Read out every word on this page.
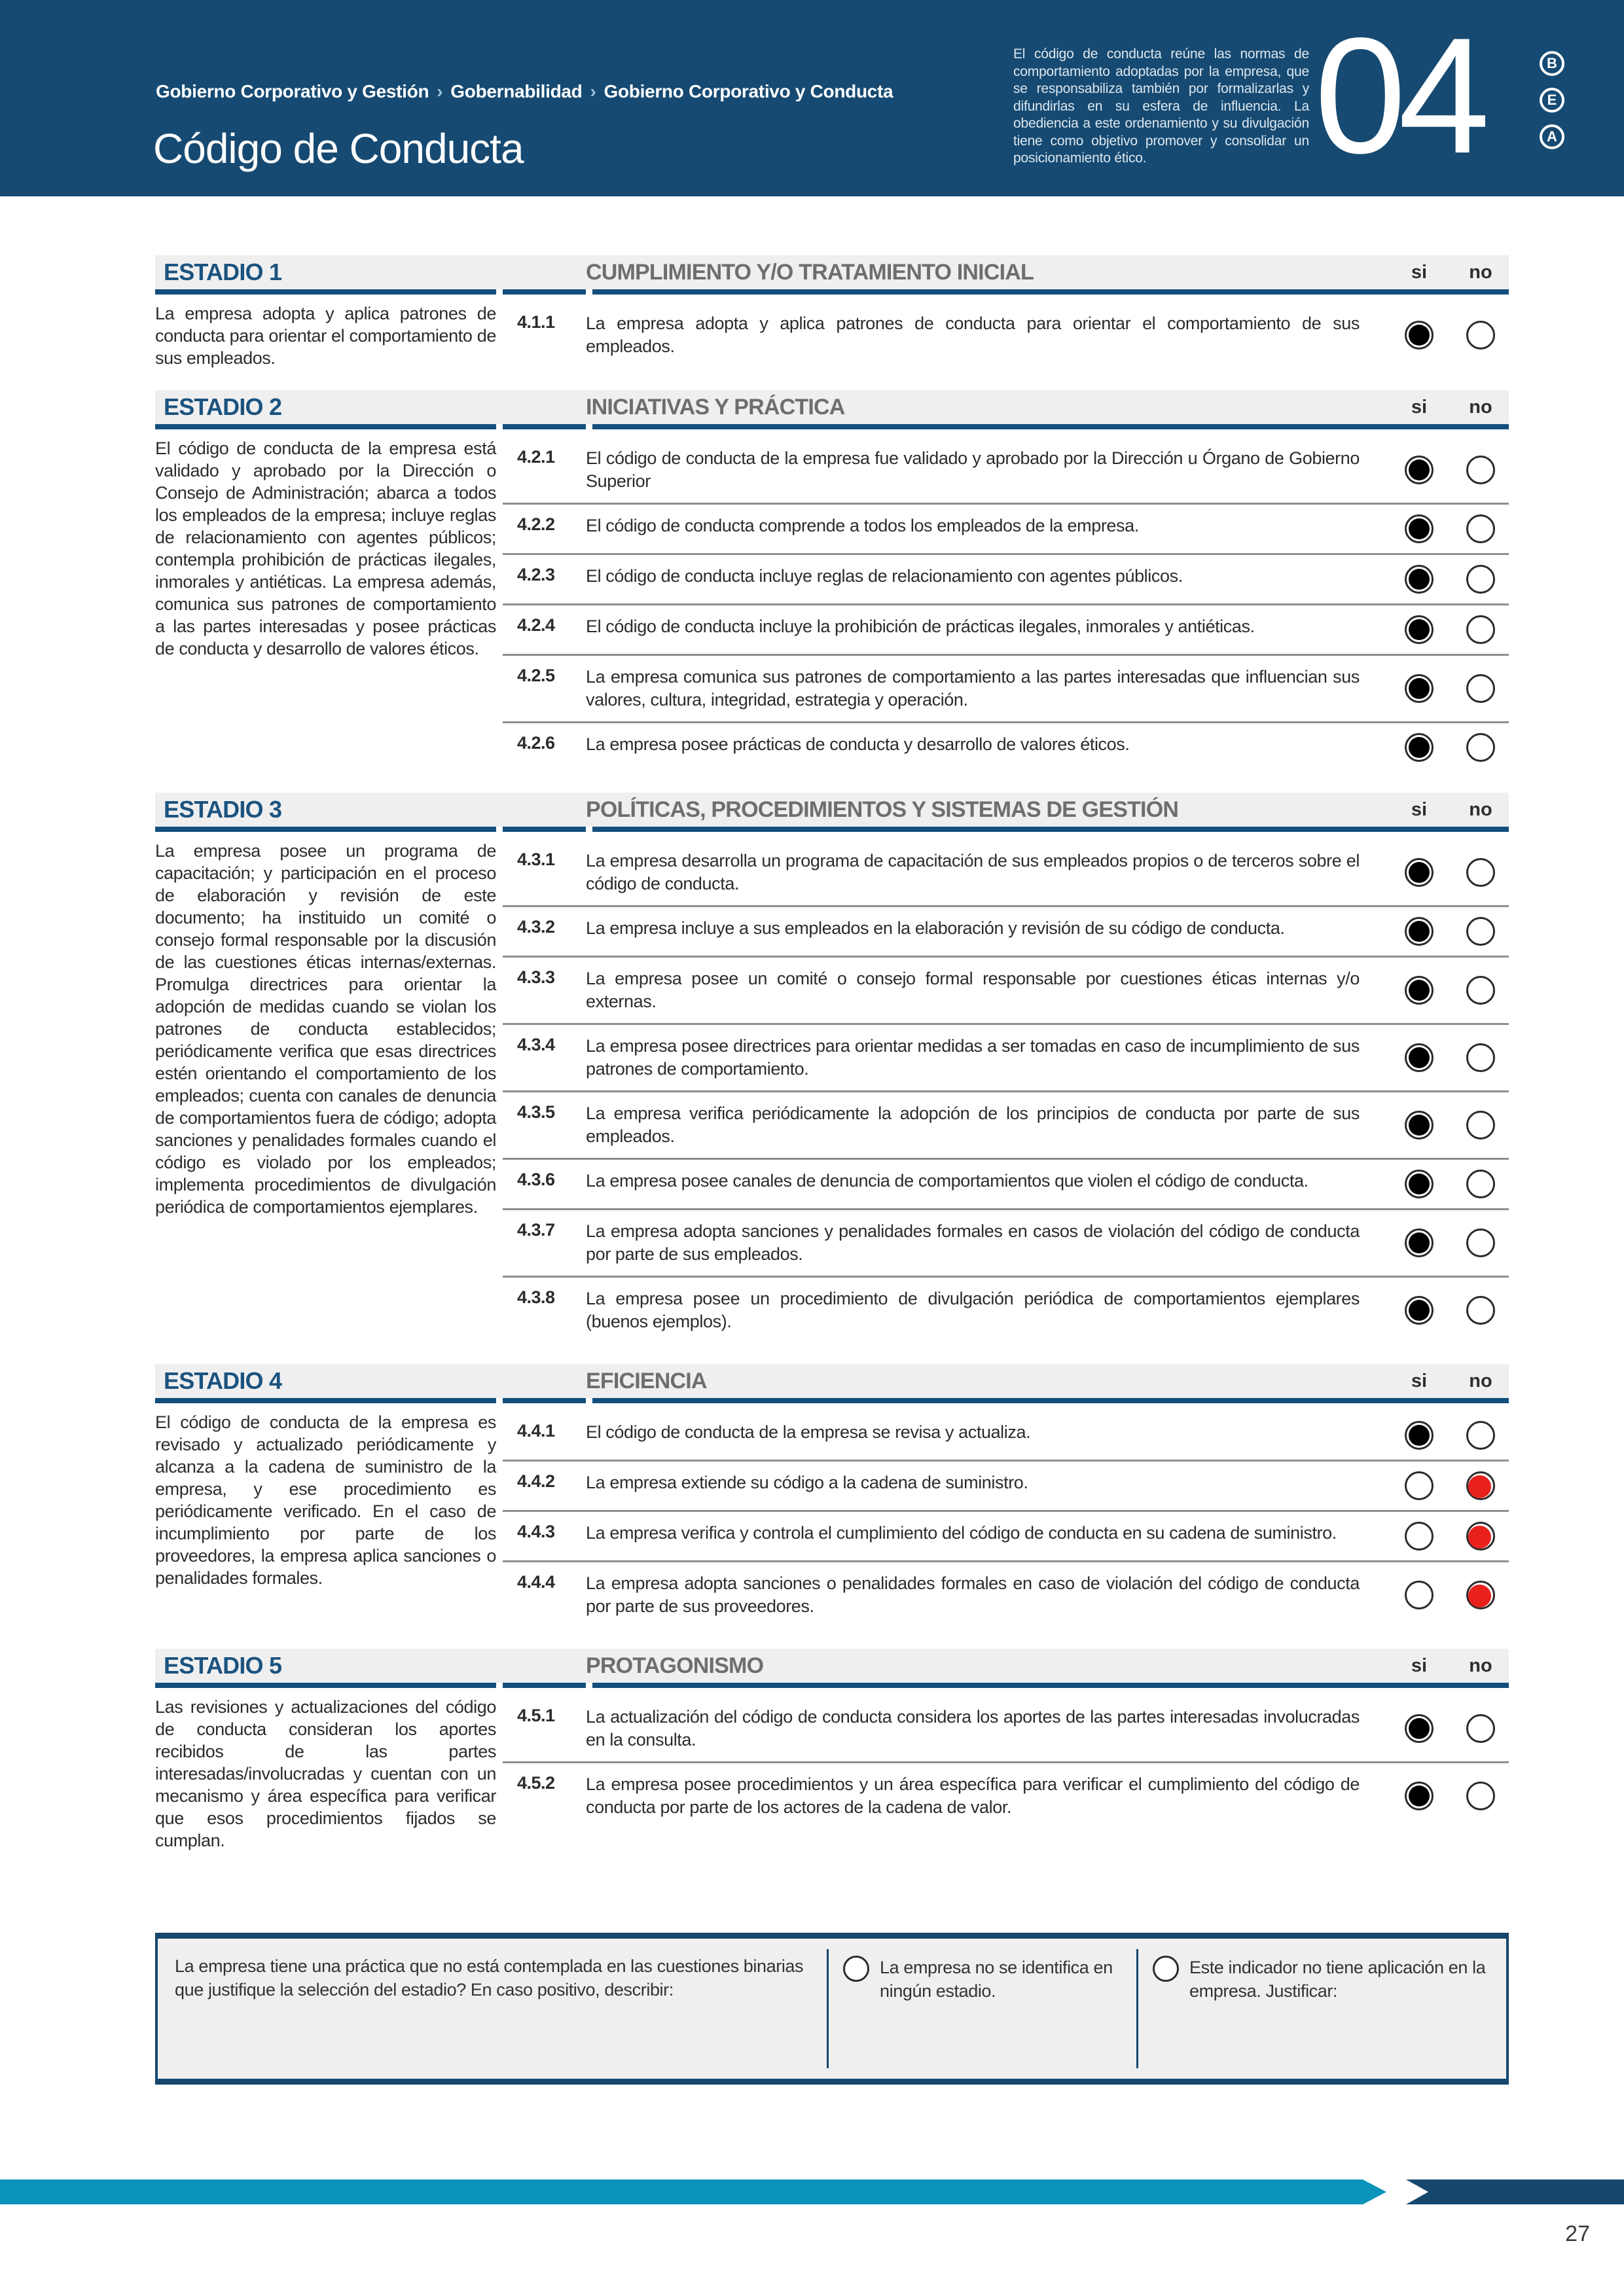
Gobierno Corporativo y Gestión › Gobernabilidad › Gobierno Corporativo y Conducta
Código de Conducta
El código de conducta reúne las normas de comportamiento adoptadas por la empresa, que se responsabiliza también por formalizarlas y difundirlas en su esfera de influencia. La obediencia a este ordenamiento y su divulgación tiene como objetivo promover y consolidar un posicionamiento ético.	04	B
E
A
ESTADIO 1	CUMPLIMIENTO Y/O TRATAMIENTO INICIAL	si	no
La empresa adopta y aplica patrones de conducta para orientar el comportamiento de sus empleados.
4.1.1	La empresa adopta y aplica patrones de conducta para orientar el comportamiento de sus empleados.
ESTADIO 2	INICIATIVAS Y PRÁCTICA	si	no
El código de conducta de la empresa está validado y aprobado por la Dirección o Consejo de Administración; abarca a todos los empleados de la empresa; incluye reglas de relacionamiento con agentes públicos; contempla prohibición de prácticas ilegales, inmorales y antiéticas. La empresa además, comunica sus patrones de comportamiento a las partes interesadas y posee prácticas de conducta y desarrollo de valores éticos.
4.2.1	El código de conducta de la empresa fue validado y aprobado por la Dirección u Órgano de Gobierno Superior
4.2.2	El código de conducta comprende a todos los empleados de la empresa.
4.2.3	El código de conducta incluye reglas de relacionamiento con agentes públicos.
4.2.4	El código de conducta incluye la prohibición de prácticas ilegales, inmorales y antiéticas.
4.2.5	La empresa comunica sus patrones de comportamiento a las partes interesadas que influencian sus valores, cultura, integridad, estrategia y operación.
4.2.6	La empresa posee prácticas de conducta y desarrollo de valores éticos.
ESTADIO 3	POLÍTICAS, PROCEDIMIENTOS Y SISTEMAS DE GESTIÓN	si	no
La empresa posee un programa de capacitación; y participación en el proceso de elaboración y revisión de este documento; ha instituido un comité o consejo formal responsable por la discusión de las cuestiones éticas internas/externas. Promulga directrices para orientar la adopción de medidas cuando se violan los patrones de conducta establecidos; periódicamente verifica que esas directrices estén orientando el comportamiento de los empleados; cuenta con canales de denuncia de comportamientos fuera de código; adopta sanciones y penalidades formales cuando el código es violado por los empleados; implementa procedimientos de divulgación periódica de comportamientos ejemplares.
4.3.1	La empresa desarrolla un programa de capacitación de sus empleados propios o de terceros sobre el código de conducta.
4.3.2	La empresa incluye a sus empleados en la elaboración y revisión de su código de conducta.
4.3.3	La empresa posee un comité o consejo formal responsable por cuestiones éticas internas y/o externas.
4.3.4	La empresa posee directrices para orientar medidas a ser tomadas en caso de incumplimiento de sus patrones de comportamiento.
4.3.5	La empresa verifica periódicamente la adopción de los principios de conducta por parte de sus empleados.
4.3.6	La empresa posee canales de denuncia de comportamientos que violen el código de conducta.
4.3.7	La empresa adopta sanciones y penalidades formales en casos de violación del código de conducta por parte de sus empleados.
4.3.8	La empresa posee un procedimiento de divulgación periódica de comportamientos ejemplares (buenos ejemplos).
ESTADIO 4	EFICIENCIA	si	no
El código de conducta de la empresa es revisado y actualizado periódicamente y alcanza a la cadena de suministro de la empresa, y ese procedimiento es periódicamente verificado. En el caso de incumplimiento por parte de los proveedores, la empresa aplica sanciones o penalidades formales.
4.4.1	El código de conducta de la empresa se revisa y actualiza.
4.4.2	La empresa extiende su código a la cadena de suministro.
4.4.3	La empresa verifica y controla el cumplimiento del código de conducta en su cadena de suministro.
4.4.4	La empresa adopta sanciones o penalidades formales en caso de violación del código de conducta por parte de sus proveedores.
ESTADIO 5	PROTAGONISMO	si	no
Las revisiones y actualizaciones del código de conducta consideran los aportes recibidos de las partes interesadas/involucradas y cuentan con un mecanismo y área específica para verificar que esos procedimientos fijados se cumplan.
4.5.1	La actualización del código de conducta considera los aportes de las partes interesadas involucradas en la consulta.
4.5.2	La empresa posee procedimientos y un área específica para verificar el cumplimiento del código de conducta por parte de los actores de la cadena de valor.
La empresa tiene una práctica que no está contemplada en las cuestiones binarias que justifique la selección del estadio? En caso positivo, describir:
La empresa no se identifica en ningún estadio.
Este indicador no tiene aplicación en la empresa. Justificar:
27
